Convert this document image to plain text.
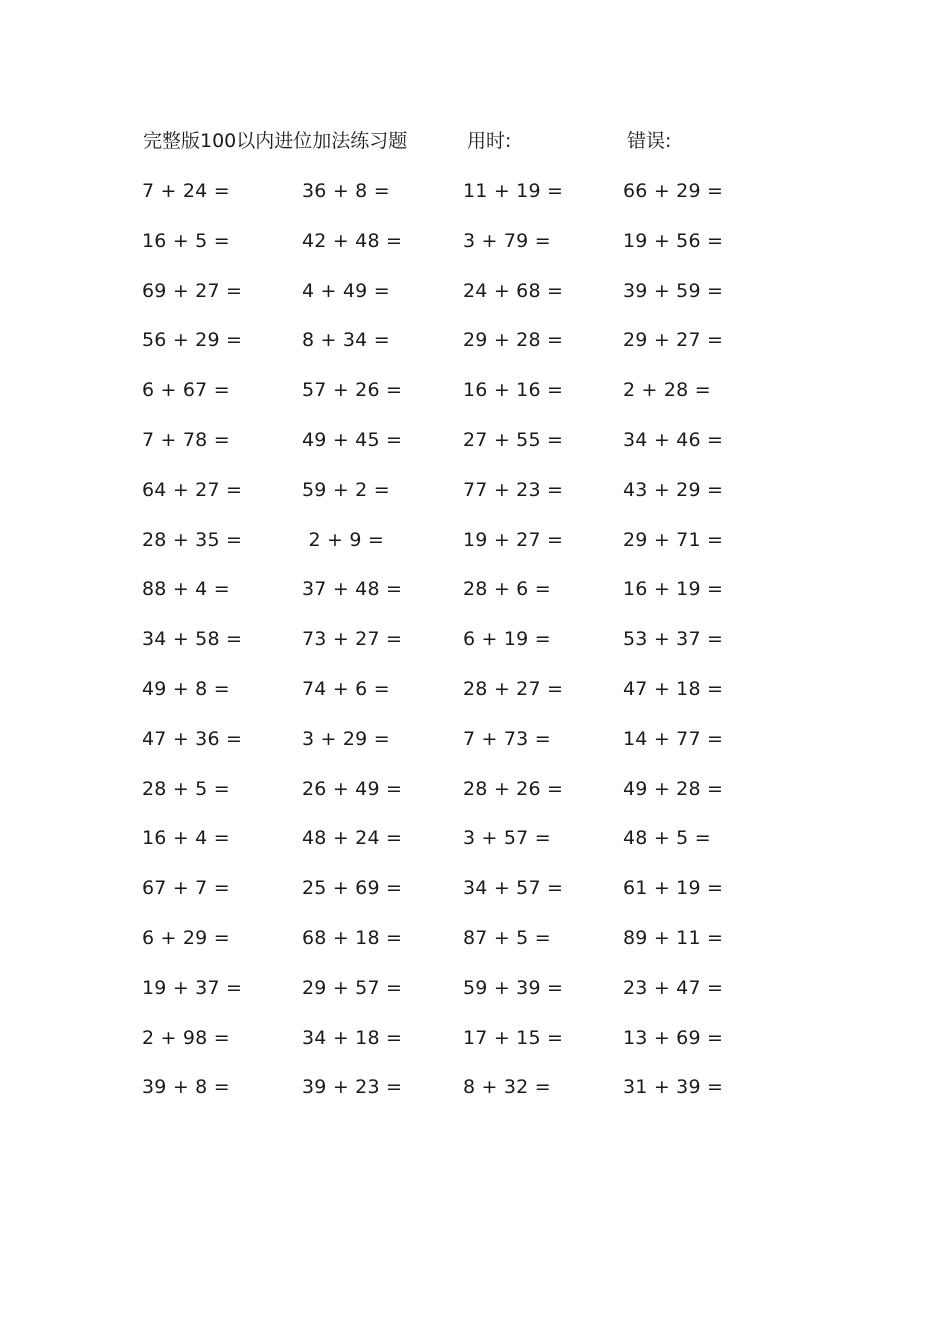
完整版100以内进位加法练习题	用时:	错误:
7 + 24 =	36 + 8 =	11 + 19 =	66 + 29 =
16 + 5 =	42 + 48 =	3 + 79 =	19 + 56 =
69 + 27 =	4 + 49 =	24 + 68 =	39 + 59 =
56 + 29 =	8 + 34 =	29 + 28 =	29 + 27 =
6 + 67 =	57 + 26 =	16 + 16 =	2 + 28 =
7 + 78 =	49 + 45 =	27 + 55 =	34 + 46 =
64 + 27 =	59 + 2 =	77 + 23 =	43 + 29 =
28 + 35 =	2 + 9 =	19 + 27 =	29 + 71 =
88 + 4 =	37 + 48 =	28 + 6 =	16 + 19 =
34 + 58 =	73 + 27 =	6 + 19 =	53 + 37 =
49 + 8 =	74 + 6 =	28 + 27 =	47 + 18 =
47 + 36 =	3 + 29 =	7 + 73 =	14 + 77 =
28 + 5 =	26 + 49 =	28 + 26 =	49 + 28 =
16 + 4 =	48 + 24 =	3 + 57 =	48 + 5 =
67 + 7 =	25 + 69 =	34 + 57 =	61 + 19 =
6 + 29 =	68 + 18 =	87 + 5 =	89 + 11 =
19 + 37 =	29 + 57 =	59 + 39 =	23 + 47 =
2 + 98 =	34 + 18 =	17 + 15 =	13 + 69 =
39 + 8 =	39 + 23 =	8 + 32 =	31 + 39 =
